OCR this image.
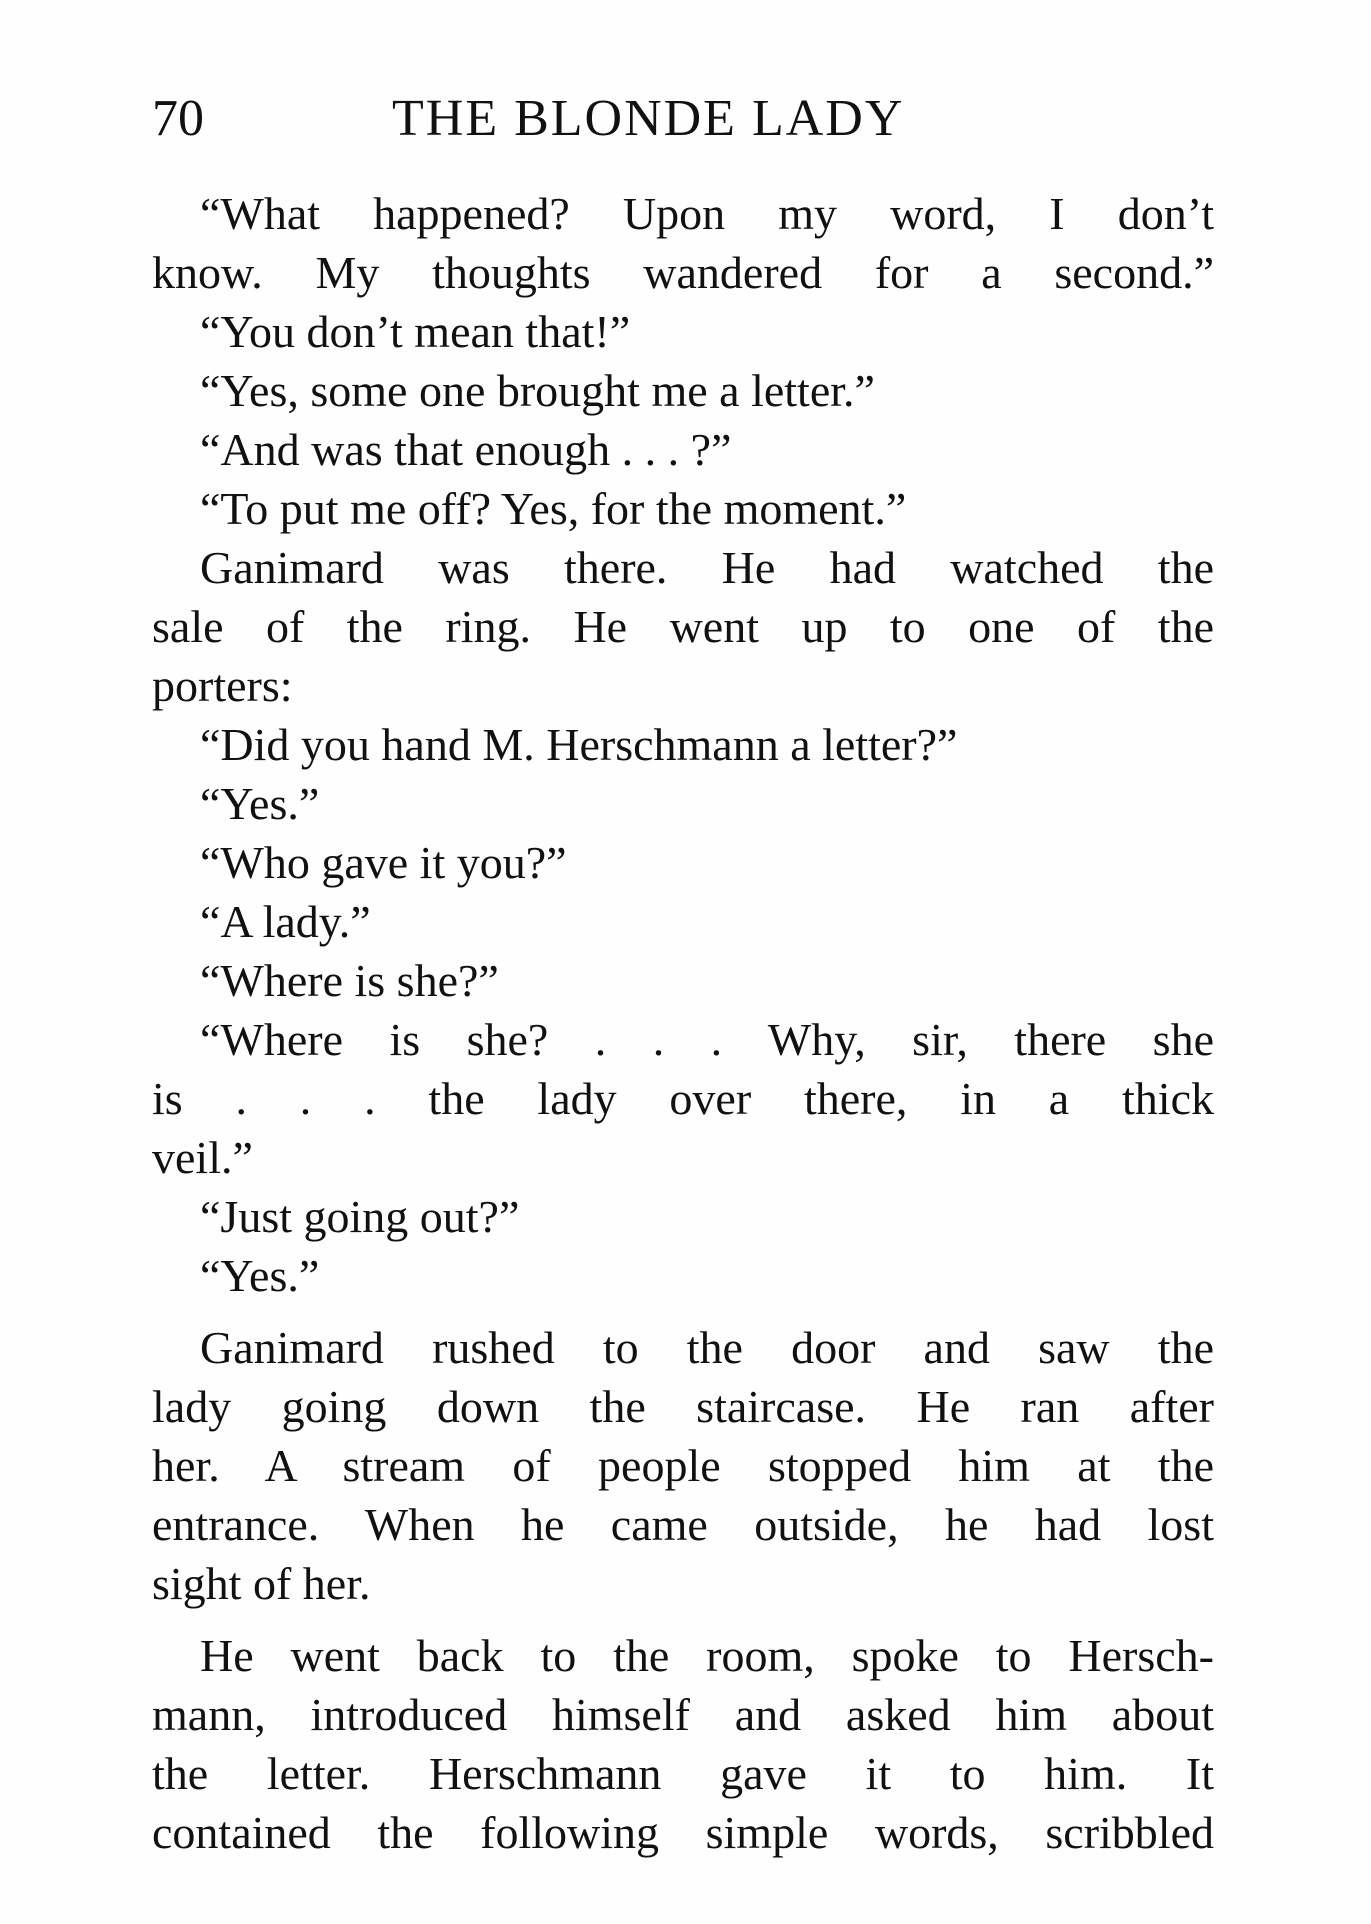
70	THE BLONDE LADY
“What happened? Upon my word, I don’t
know. My thoughts wandered for a second.”
“You don’t mean that!”
“Yes, some one brought me a letter.”
“And was that enough . . . ?”
“To put me off? Yes, for the moment.”
Ganimard was there. He had watched the
sale of the ring. He went up to one of the
porters:
“Did you hand M. Herschmann a letter?”
“Yes.”
“Who gave it you?”
“A lady.”
“Where is she?”
“Where is she? . . . Why, sir, there she
is . . . the lady over there, in a thick
veil.”
“Just going out?”
“Yes.”
Ganimard rushed to the door and saw the
lady going down the staircase. He ran after
her. A stream of people stopped him at the
entrance. When he came outside, he had lost
sight of her.
He went back to the room, spoke to Hersch-
mann, introduced himself and asked him about
the letter. Herschmann gave it to him. It
contained the following simple words, scribbled
